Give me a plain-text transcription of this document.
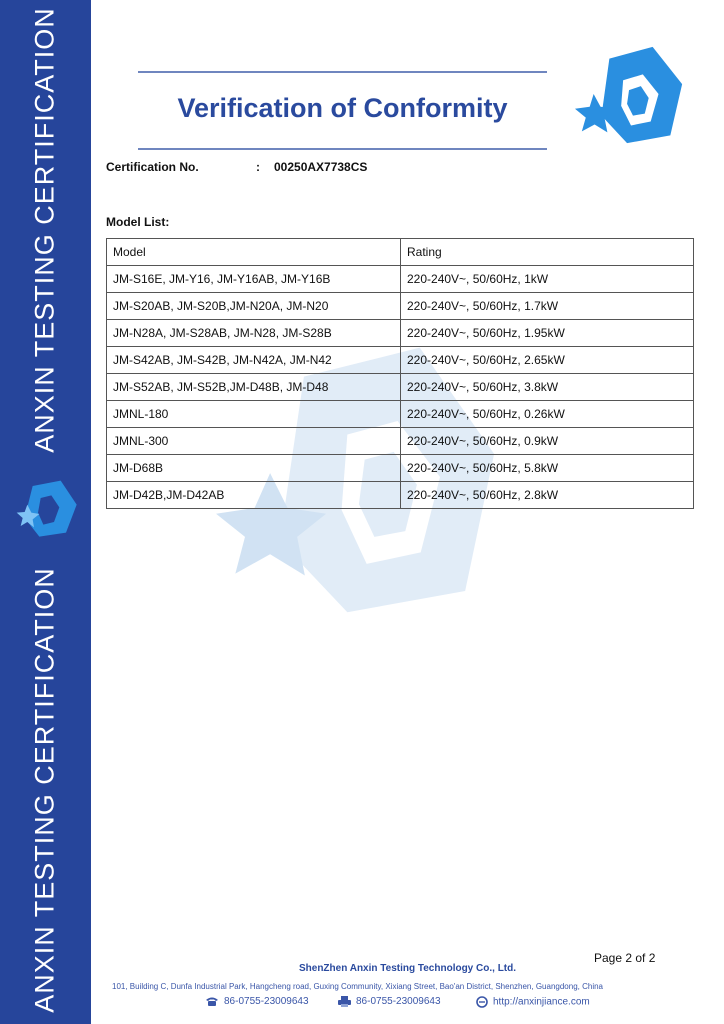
ANXIN TESTING CERTIFICATION
ANXIN TESTING CERTIFICATION
Verification of Conformity
Certification No.	: 00250AX7738CS
Model List:
Model	Rating
JM-S16E, JM-Y16, JM-Y16AB, JM-Y16B	220-240V~, 50/60Hz, 1kW
JM-S20AB, JM-S20B,JM-N20A, JM-N20	220-240V~, 50/60Hz, 1.7kW
JM-N28A, JM-S28AB, JM-N28, JM-S28B	220-240V~, 50/60Hz, 1.95kW
JM-S42AB, JM-S42B, JM-N42A, JM-N42	220-240V~, 50/60Hz, 2.65kW
JM-S52AB, JM-S52B,JM-D48B, JM-D48	220-240V~, 50/60Hz, 3.8kW
JMNL-180	220-240V~, 50/60Hz, 0.26kW
JMNL-300	220-240V~, 50/60Hz, 0.9kW
JM-D68B	220-240V~, 50/60Hz, 5.8kW
JM-D42B,JM-D42AB	220-240V~, 50/60Hz, 2.8kW
Page 2 of 2
ShenZhen Anxin Testing Technology Co., Ltd.
101, Building C, Dunfa Industrial Park, Hangcheng road, Guxing Community, Xixiang Street, Bao'an District, Shenzhen, Guangdong, China
86-0755-23009643	86-0755-23009643	http://anxinjiance.com
